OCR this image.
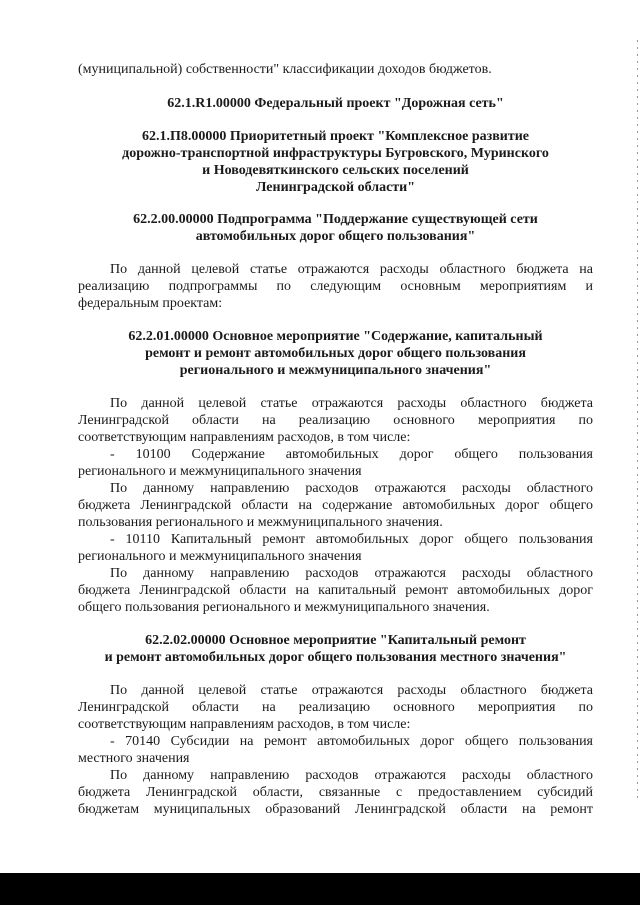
(муниципальной) собственности" классификации доходов бюджетов.
62.1.R1.00000 Федеральный проект "Дорожная сеть"
62.1.П8.00000 Приоритетный проект "Комплексное развитие
дорожно-транспортной инфраструктуры Бугровского, Муринского
и Новодевяткинского сельских поселений
Ленинградской области"
62.2.00.00000 Подпрограмма "Поддержание существующей сети
автомобильных дорог общего пользования"
По данной целевой статье отражаются расходы областного бюджета на
реализацию подпрограммы по следующим основным мероприятиям и
федеральным проектам:
62.2.01.00000 Основное мероприятие "Содержание, капитальный
ремонт и ремонт автомобильных дорог общего пользования
регионального и межмуниципального значения"
По данной целевой статье отражаются расходы областного бюджета
Ленинградской области на реализацию основного мероприятия по
соответствующим направлениям расходов, в том числе:
- 10100 Содержание автомобильных дорог общего пользования
регионального и межмуниципального значения
По данному направлению расходов отражаются расходы областного
бюджета Ленинградской области на содержание автомобильных дорог общего
пользования регионального и межмуниципального значения.
- 10110 Капитальный ремонт автомобильных дорог общего пользования
регионального и межмуниципального значения
По данному направлению расходов отражаются расходы областного
бюджета Ленинградской области на капитальный ремонт автомобильных дорог
общего пользования регионального и межмуниципального значения.
62.2.02.00000 Основное мероприятие "Капитальный ремонт
и ремонт автомобильных дорог общего пользования местного значения"
По данной целевой статье отражаются расходы областного бюджета
Ленинградской области на реализацию основного мероприятия по
соответствующим направлениям расходов, в том числе:
- 70140 Субсидии на ремонт автомобильных дорог общего пользования
местного значения
По данному направлению расходов отражаются расходы областного
бюджета Ленинградской области, связанные с предоставлением субсидий
бюджетам муниципальных образований Ленинградской области на ремонт
